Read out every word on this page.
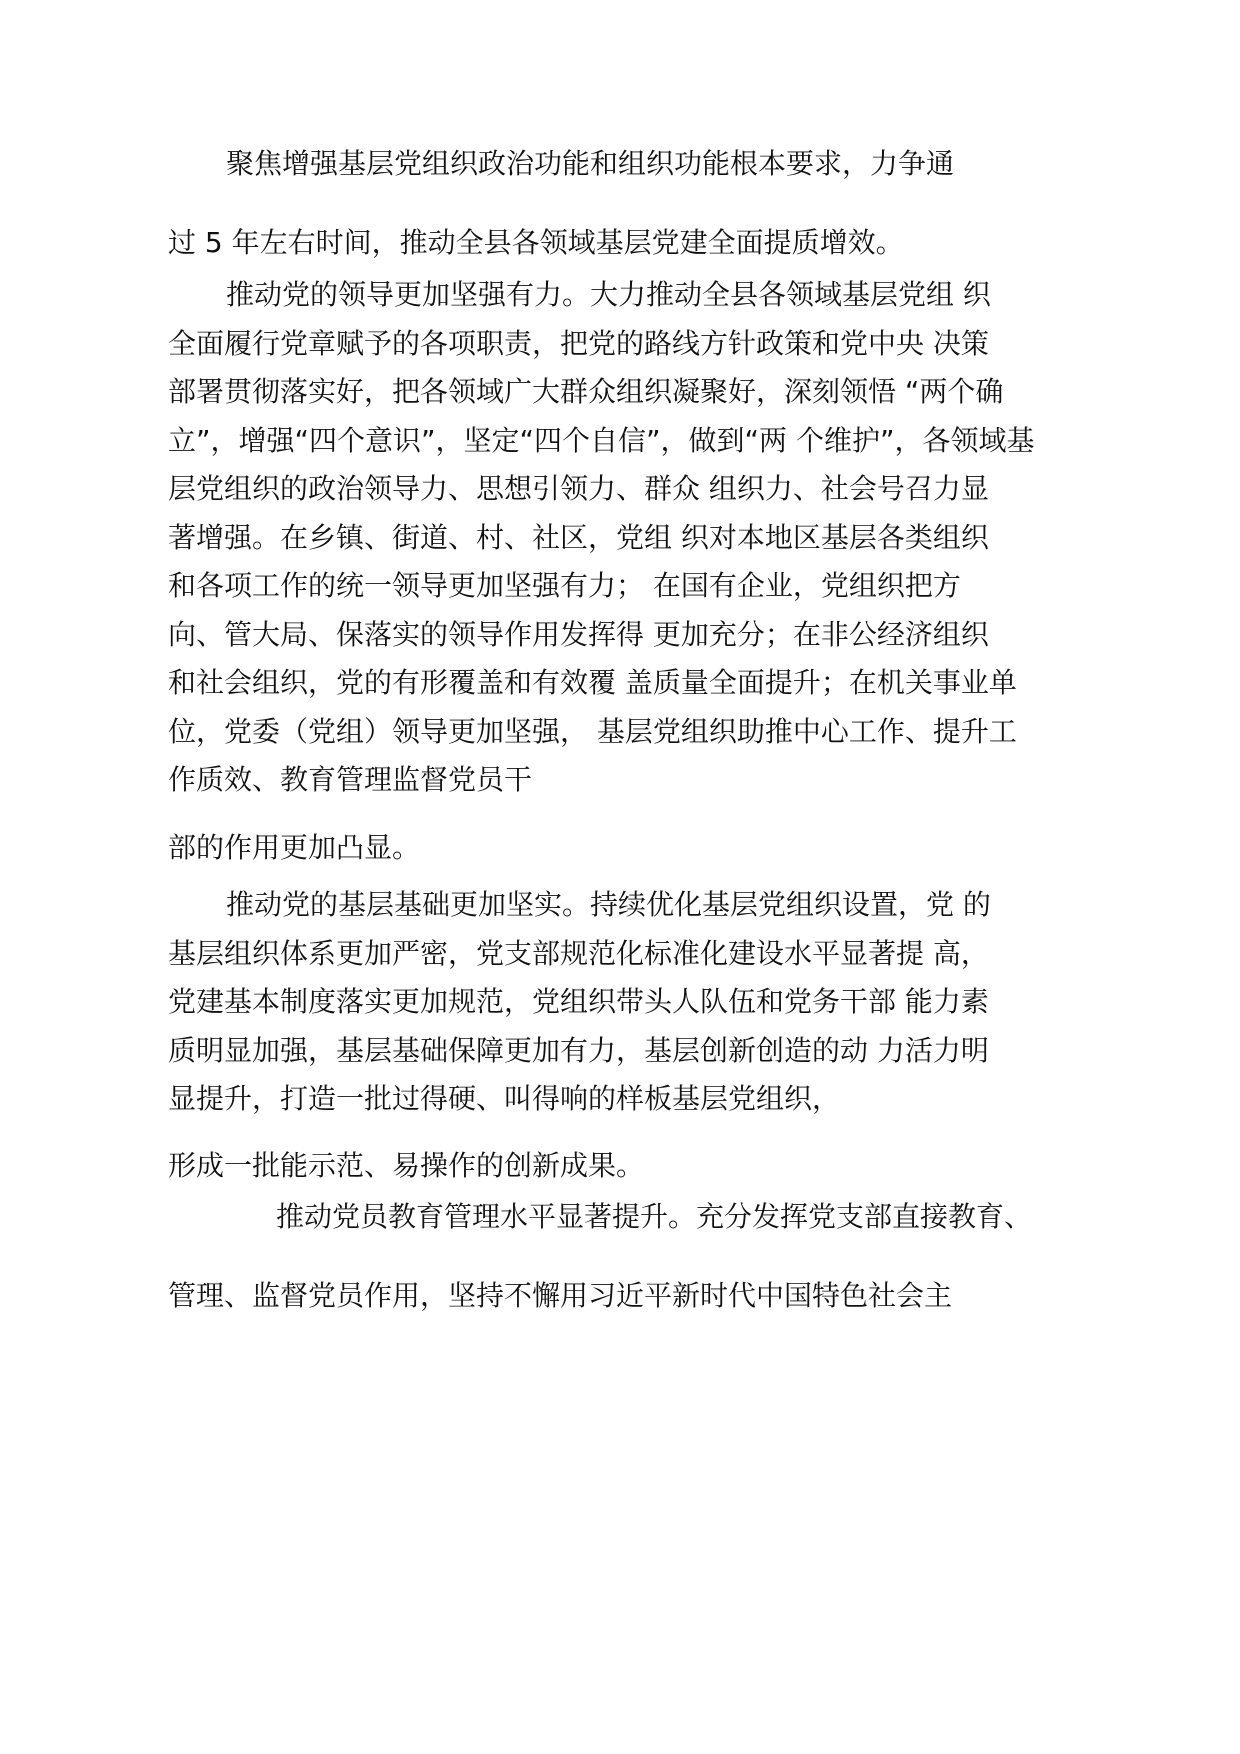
聚焦增强基层党组织政治功能和组织功能根本要求，力争通
过 5 年左右时间，推动全县各领域基层党建全面提质增效。
推动党的领导更加坚强有力。大力推动全县各领域基层党组 织
全面履行党章赋予的各项职责，把党的路线方针政策和党中央 决策
部署贯彻落实好，把各领域广大群众组织凝聚好，深刻领悟 “两个确
立”，增强“四个意识”，坚定“四个自信”，做到“两 个维护”，各领域基
层党组织的政治领导力、思想引领力、群众 组织力、社会号召力显
著增强。在乡镇、街道、村、社区，党组 织对本地区基层各类组织
和各项工作的统一领导更加坚强有力； 在国有企业，党组织把方
向、管大局、保落实的领导作用发挥得 更加充分；在非公经济组织
和社会组织，党的有形覆盖和有效覆 盖质量全面提升；在机关事业单
位，党委（党组）领导更加坚强， 基层党组织助推中心工作、提升工
作质效、教育管理监督党员干
部的作用更加凸显。
推动党的基层基础更加坚实。持续优化基层党组织设置，党 的
基层组织体系更加严密，党支部规范化标准化建设水平显著提 高，
党建基本制度落实更加规范，党组织带头人队伍和党务干部 能力素
质明显加强，基层基础保障更加有力，基层创新创造的动 力活力明
显提升，打造一批过得硬、叫得响的样板基层党组织，
形成一批能示范、易操作的创新成果。
推动党员教育管理水平显著提升。充分发挥党支部直接教育、
管理、监督党员作用，坚持不懈用习近平新时代中国特色社会主
